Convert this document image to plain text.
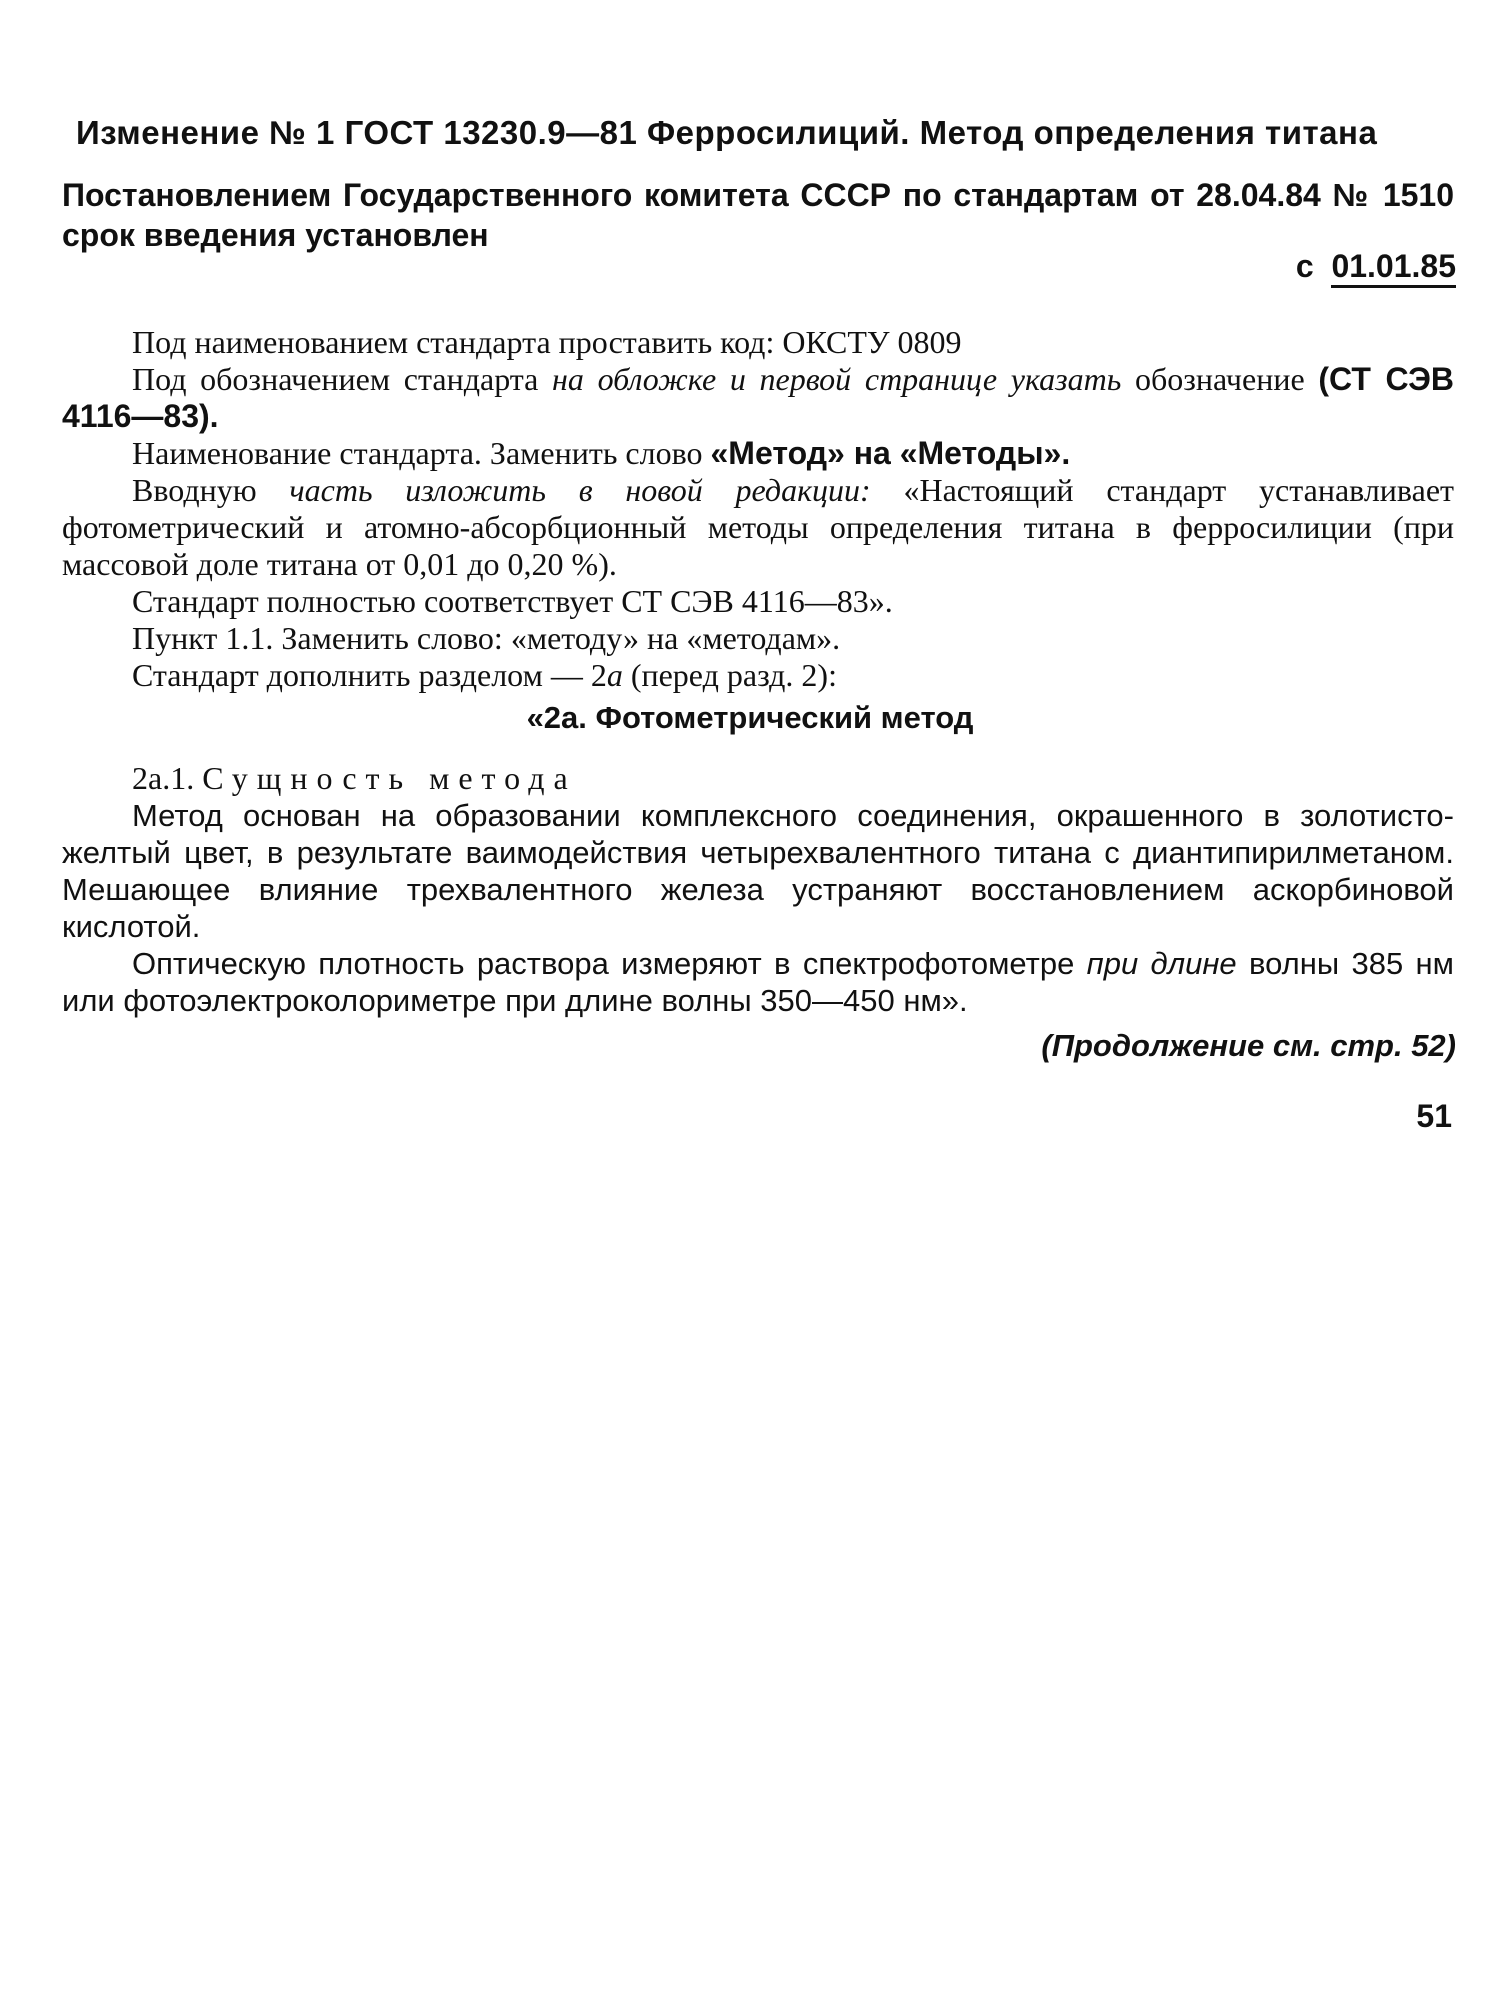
Изменение № 1 ГОСТ 13230.9—81 Ферросилиций. Метод определения титана
Постановлением Государственного комитета СССР по стандартам от 28.04.84 № 1510 срок введения установлен
с 01.01.85

Под наименованием стандарта проставить код: ОКСТУ 0809

Под обозначением стандарта на обложке и первой странице указать обозначение (СТ СЭВ 4116—83).

Наименование стандарта. Заменить слово «Метод» на «Методы».

Вводную часть изложить в новой редакции: «Настоящий стандарт устанавливает фотометрический и атомно-абсорбционный методы определения титана в ферросилиции (при массовой доле титана от 0,01 до 0,20 %).

Стандарт полностью соответствует СТ СЭВ 4116—83».

Пункт 1.1. Заменить слово: «методу» на «методам».

Стандарт дополнить разделом — 2а (перед разд. 2):

«2а. Фотометрический метод

2а.1. Сущность метода

Метод основан на образовании комплексного соединения, окрашенного в золотисто-желтый цвет, в результате ваимодействия четырехвалентного титана с диантипирилметаном. Мешающее влияние трехвалентного железа устраняют восстановлением аскорбиновой кислотой.

Оптическую плотность раствора измеряют в спектрофотометре при длине волны 385 нм или фотоэлектроколориметре при длине волны 350—450 нм».

(Продолжение см. стр. 52)
51
